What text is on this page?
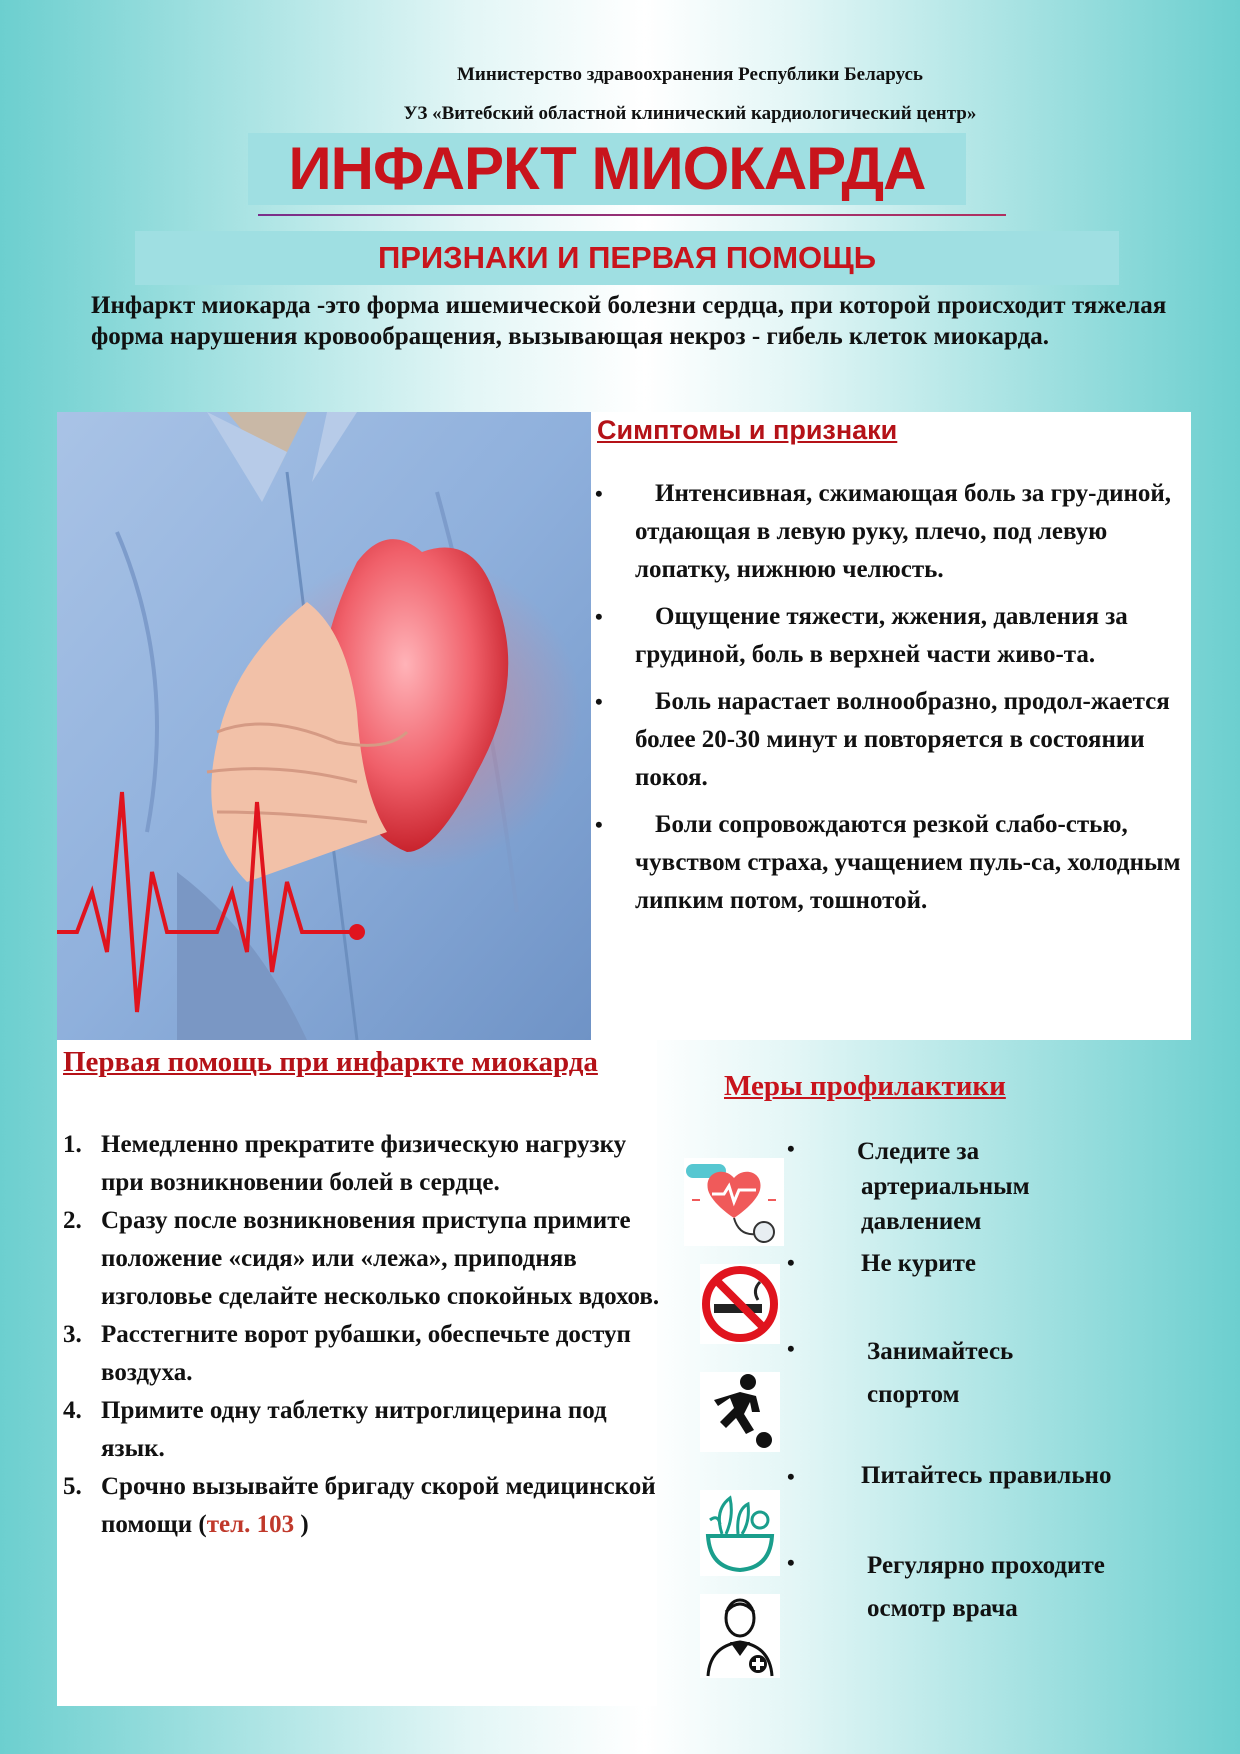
Министерство здравоохранения Республики Беларусь
УЗ «Витебский областной клинический кардиологический центр»
ИНФАРКТ МИОКАРДА
ПРИЗНАКИ И ПЕРВАЯ ПОМОЩЬ
Инфаркт миокарда -это форма ишемической болезни сердца, при которой происходит тяжелая форма нарушения кровообращения, вызывающая некроз - гибель клеток миокарда.
Симптомы и признаки
• Интенсивная, сжимающая боль за гру-диной, отдающая в левую руку, плечо, под левую лопатку, нижнюю челюсть.
• Ощущение тяжести, жжения, давления за грудиной, боль в верхней части живо-та.
• Боль нарастает волнообразно, продол-жается более 20-30 минут и повторяется в состоянии покоя.
• Боли сопровождаются резкой слабо-стью, чувством страха, учащением пуль-са, холодным липким потом, тошнотой.
Первая помощь при инфаркте миокарда
1. Немедленно прекратите физическую нагрузку при возникновении болей в сердце.
2. Сразу после возникновения приступа примите положение «сидя» или «лежа», приподняв изголовье сделайте несколько спокойных вдохов.
3. Расстегните ворот рубашки, обеспечьте доступ воздуха.
4. Примите одну таблетку нитроглицерина под язык.
5. Срочно вызывайте бригаду скорой медицинской помощи (тел. 103 )
Меры профилактики
• Следите за
артериальным
давлением
•	Не курите
•	Занимайтесь
спортом
•	Питайтесь правильно
•	Регулярно проходите
осмотр врача
